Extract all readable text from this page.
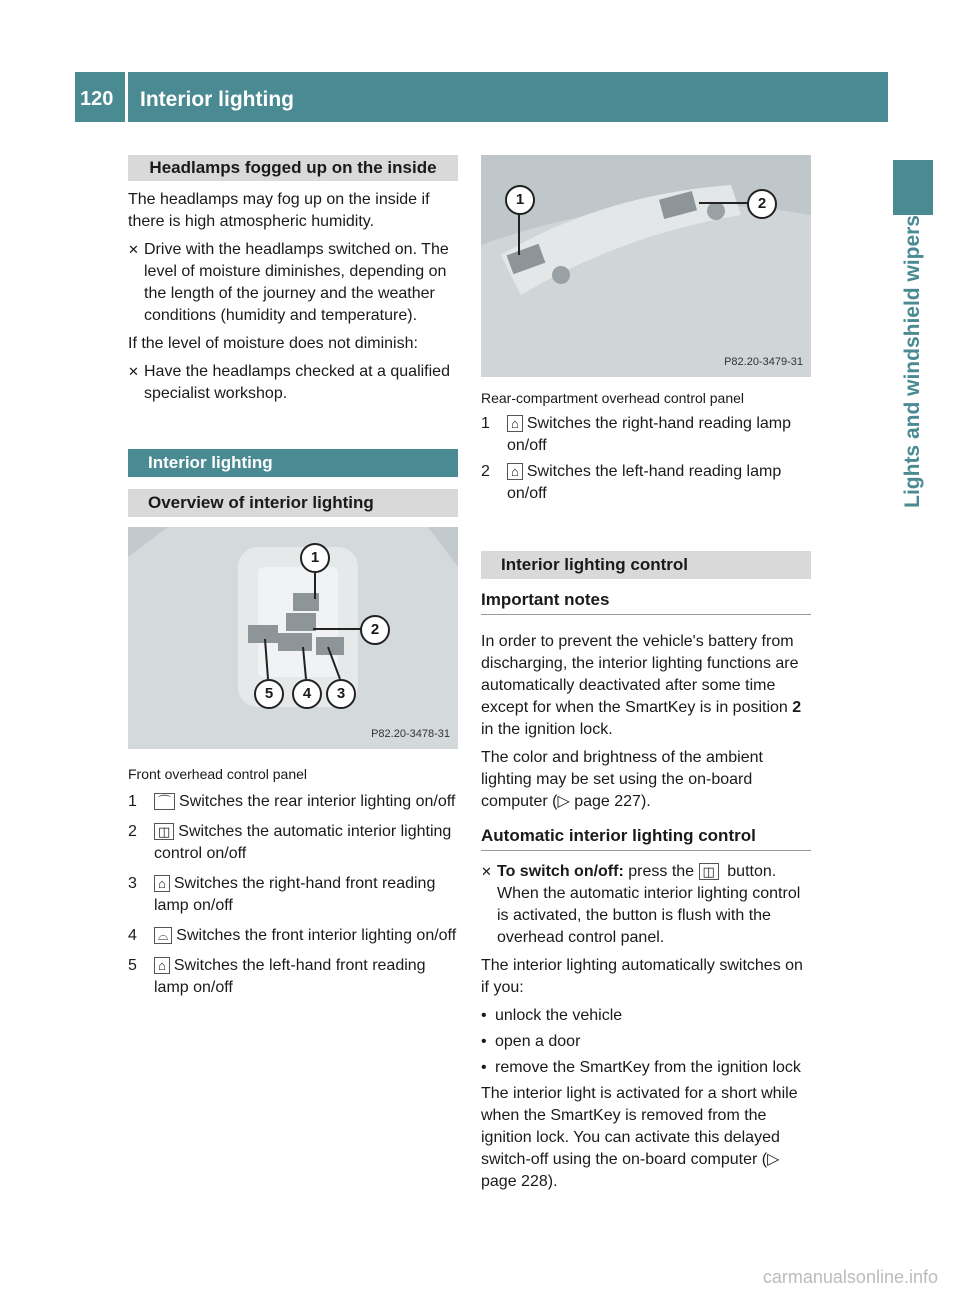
120 Interior lighting
Lights and windshield wipers
Headlamps fogged up on the inside

The headlamps may fog up on the inside if there is high atmospheric humidity.

✕ Drive with the headlamps switched on. The level of moisture diminishes, depending on the length of the journey and the weather conditions (humidity and temperature).

If the level of moisture does not diminish:

✕ Have the headlamps checked at a qualified specialist workshop.
Interior lighting
Overview of interior lighting
1
2
3
4
5
P82.20-3478-31

Front overhead control panel

1 ⌒ Switches the rear interior lighting on/off
2 ◫ Switches the automatic interior lighting control on/off
3 ⌂ Switches the right-hand front reading lamp on/off
4 ⌓ Switches the front interior lighting on/off
5 ⌂ Switches the left-hand front reading lamp on/off
1	2
P82.20-3479-31

Rear-compartment overhead control panel

1 ⌂ Switches the right-hand reading lamp on/off
2 ⌂ Switches the left-hand reading lamp on/off
Interior lighting control
Important notes

In order to prevent the vehicle's battery from discharging, the interior lighting functions are automatically deactivated after some time except for when the SmartKey is in position 2 in the ignition lock.

The color and brightness of the ambient lighting may be set using the on-board computer (▷ page 227).

Automatic interior lighting control
✕ To switch on/off: press the ◫ button. When the automatic interior lighting control is activated, the button is flush with the overhead control panel.

The interior lighting automatically switches on if you:

• unlock the vehicle
• open a door
• remove the SmartKey from the ignition lock

The interior light is activated for a short while when the SmartKey is removed from the ignition lock. You can activate this delayed switch-off using the on-board computer (▷ page 228).

carmanualsonline.info
